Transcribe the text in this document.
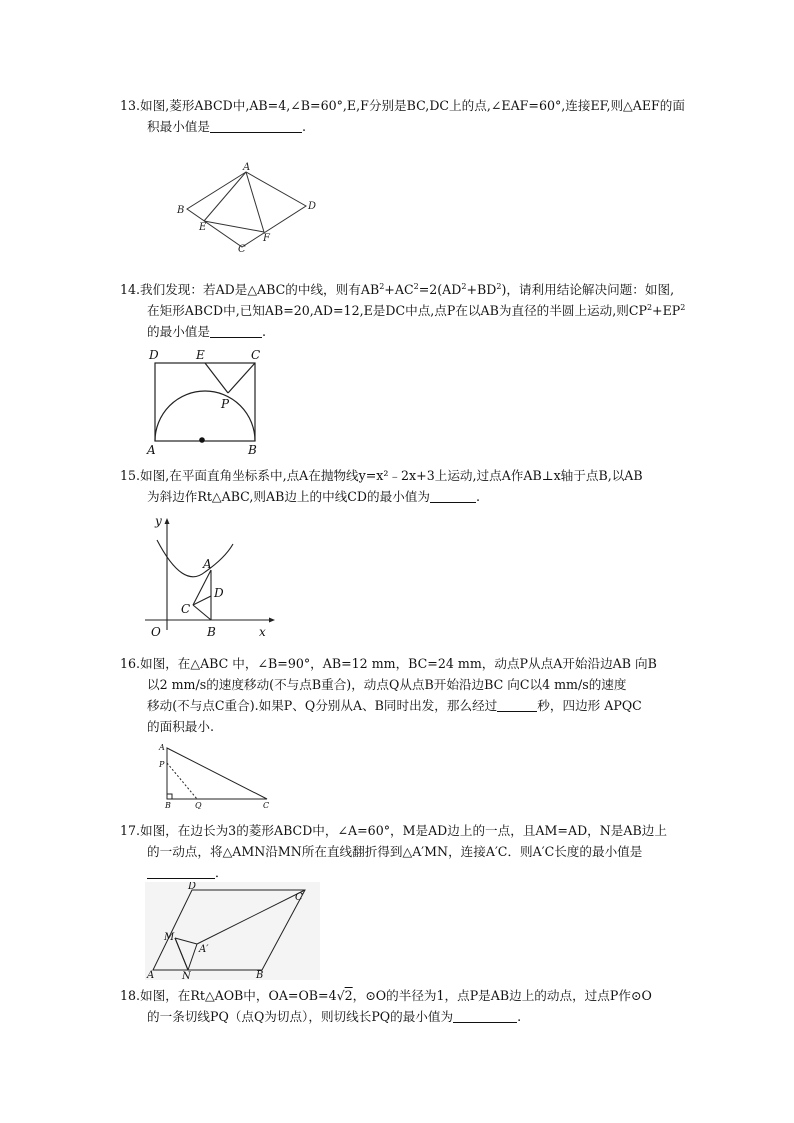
13.如图,菱形ABCD中,AB=4,∠B=60°,E,F分别是BC,DC上的点,∠EAF=60°,连接EF,则△AEF的面
积最小值是	.
A
B
C
D
E
F
14.我们发现：若AD是△ABC的中线，则有$AB^2+AC^2=2(AD^2+BD^2)$，请利用结论解决问题：如图,
在矩形ABCD中,已知AB=20,AD=12,E是DC中点,点P在以AB为直径的半圆上运动,则$CP^2+EP^2$
的最小值是	.
D	E	C
P
A	B
15.如图,在平面直角坐标系中,点A在抛物线y=x²﹣2x+3上运动,过点A作AB⊥x轴于点B,以AB
为斜边作Rt△ABC,则AB边上的中线CD的最小值为	.
y
x
O
A
B
C
D
16.如图，在△ABC 中，∠B=90°，AB=12 mm，BC=24 mm，动点P从点A开始沿边AB 向B
以2 mm/s的速度移动(不与点B重合)，动点Q从点B开始沿边BC 向C以4 mm/s的速度
移动(不与点C重合).如果P、Q分别从A、B同时出发，那么经过	秒，四边形 APQC
的面积最小.
A
P
B	Q	C
17.如图，在边长为3的菱形ABCD中，∠A=60°，M是AD边上的一点，且AM=AD，N是AB边上
的一动点，将△AMN沿MN所在直线翻折得到△A′MN，连接A′C．则A′C长度的最小值是
．
D
C
M
A′
A	N	B
18.如图，在Rt△AOB中，OA=OB=4√2，⊙O的半径为1，点P是AB边上的动点，过点P作⊙O
的一条切线PQ（点Q为切点），则切线长PQ的最小值为	.
